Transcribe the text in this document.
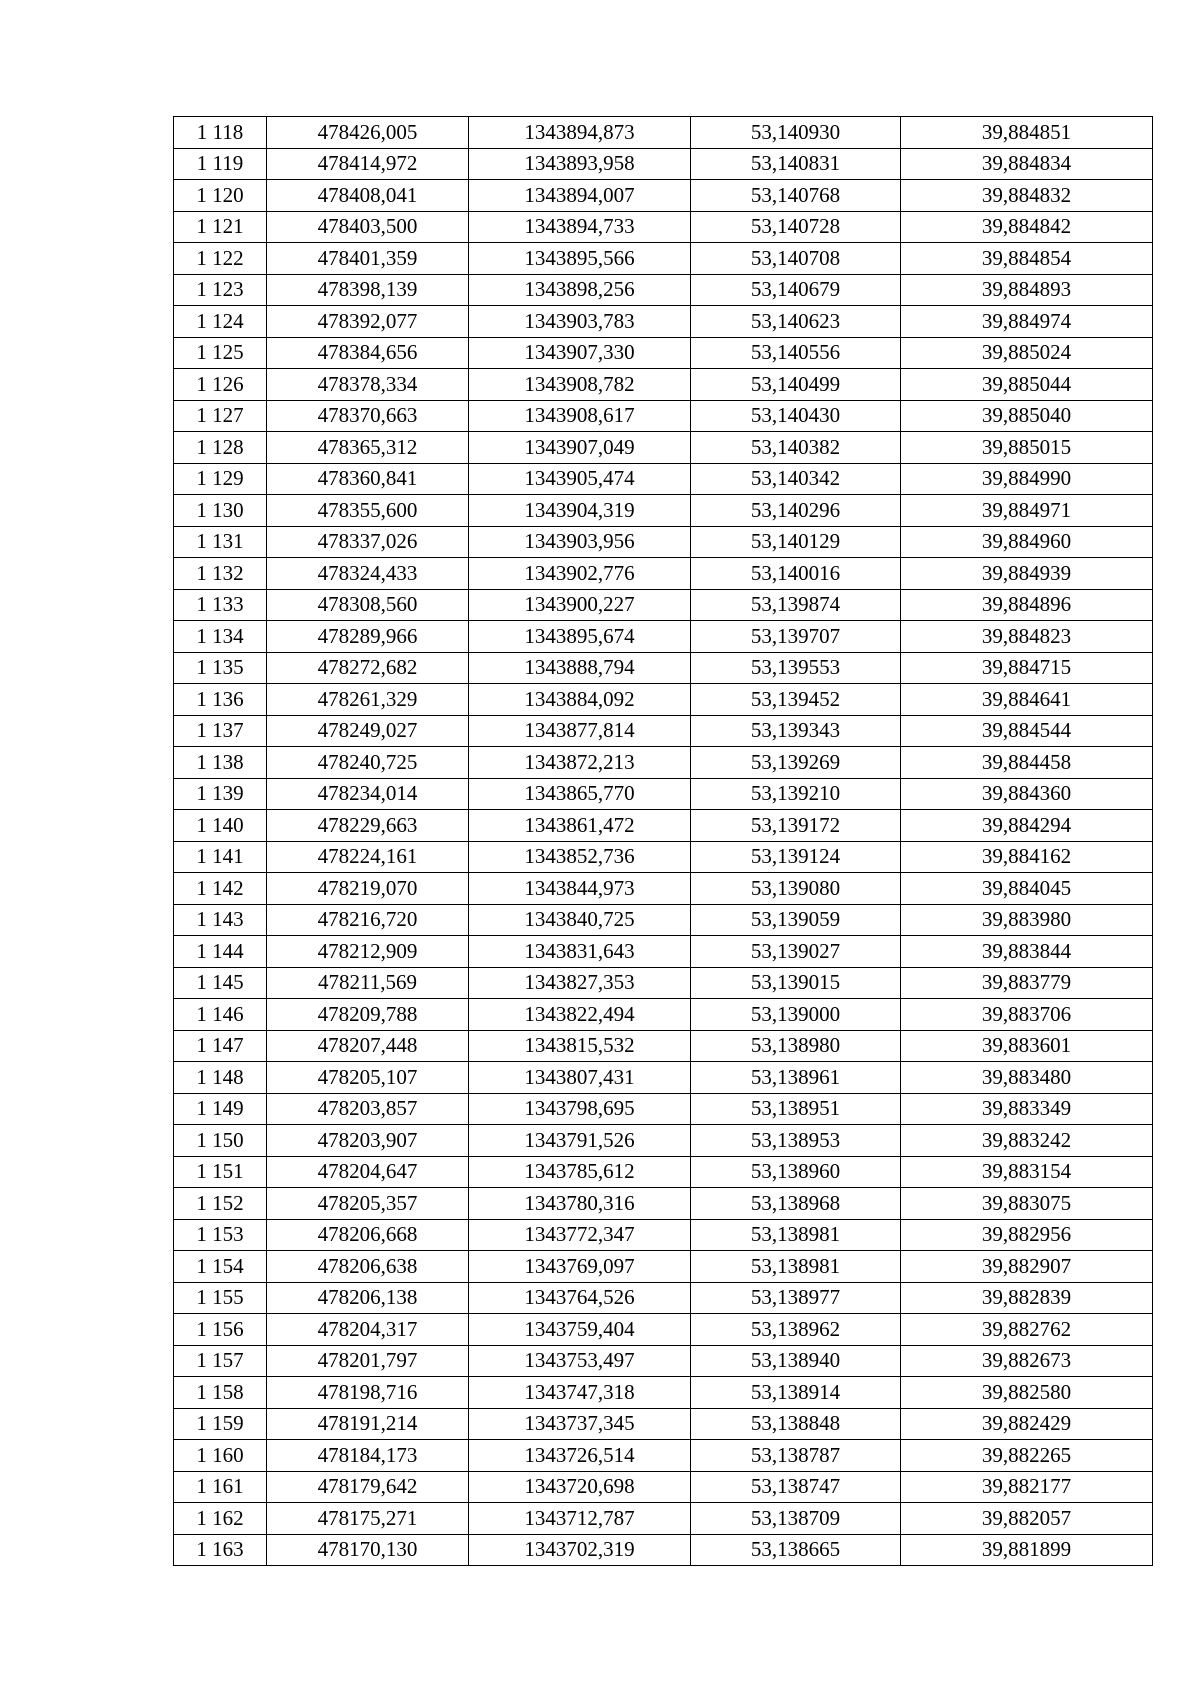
1 118	478426,005	1343894,873	53,140930	39,884851
1 119	478414,972	1343893,958	53,140831	39,884834
1 120	478408,041	1343894,007	53,140768	39,884832
1 121	478403,500	1343894,733	53,140728	39,884842
1 122	478401,359	1343895,566	53,140708	39,884854
1 123	478398,139	1343898,256	53,140679	39,884893
1 124	478392,077	1343903,783	53,140623	39,884974
1 125	478384,656	1343907,330	53,140556	39,885024
1 126	478378,334	1343908,782	53,140499	39,885044
1 127	478370,663	1343908,617	53,140430	39,885040
1 128	478365,312	1343907,049	53,140382	39,885015
1 129	478360,841	1343905,474	53,140342	39,884990
1 130	478355,600	1343904,319	53,140296	39,884971
1 131	478337,026	1343903,956	53,140129	39,884960
1 132	478324,433	1343902,776	53,140016	39,884939
1 133	478308,560	1343900,227	53,139874	39,884896
1 134	478289,966	1343895,674	53,139707	39,884823
1 135	478272,682	1343888,794	53,139553	39,884715
1 136	478261,329	1343884,092	53,139452	39,884641
1 137	478249,027	1343877,814	53,139343	39,884544
1 138	478240,725	1343872,213	53,139269	39,884458
1 139	478234,014	1343865,770	53,139210	39,884360
1 140	478229,663	1343861,472	53,139172	39,884294
1 141	478224,161	1343852,736	53,139124	39,884162
1 142	478219,070	1343844,973	53,139080	39,884045
1 143	478216,720	1343840,725	53,139059	39,883980
1 144	478212,909	1343831,643	53,139027	39,883844
1 145	478211,569	1343827,353	53,139015	39,883779
1 146	478209,788	1343822,494	53,139000	39,883706
1 147	478207,448	1343815,532	53,138980	39,883601
1 148	478205,107	1343807,431	53,138961	39,883480
1 149	478203,857	1343798,695	53,138951	39,883349
1 150	478203,907	1343791,526	53,138953	39,883242
1 151	478204,647	1343785,612	53,138960	39,883154
1 152	478205,357	1343780,316	53,138968	39,883075
1 153	478206,668	1343772,347	53,138981	39,882956
1 154	478206,638	1343769,097	53,138981	39,882907
1 155	478206,138	1343764,526	53,138977	39,882839
1 156	478204,317	1343759,404	53,138962	39,882762
1 157	478201,797	1343753,497	53,138940	39,882673
1 158	478198,716	1343747,318	53,138914	39,882580
1 159	478191,214	1343737,345	53,138848	39,882429
1 160	478184,173	1343726,514	53,138787	39,882265
1 161	478179,642	1343720,698	53,138747	39,882177
1 162	478175,271	1343712,787	53,138709	39,882057
1 163	478170,130	1343702,319	53,138665	39,881899
